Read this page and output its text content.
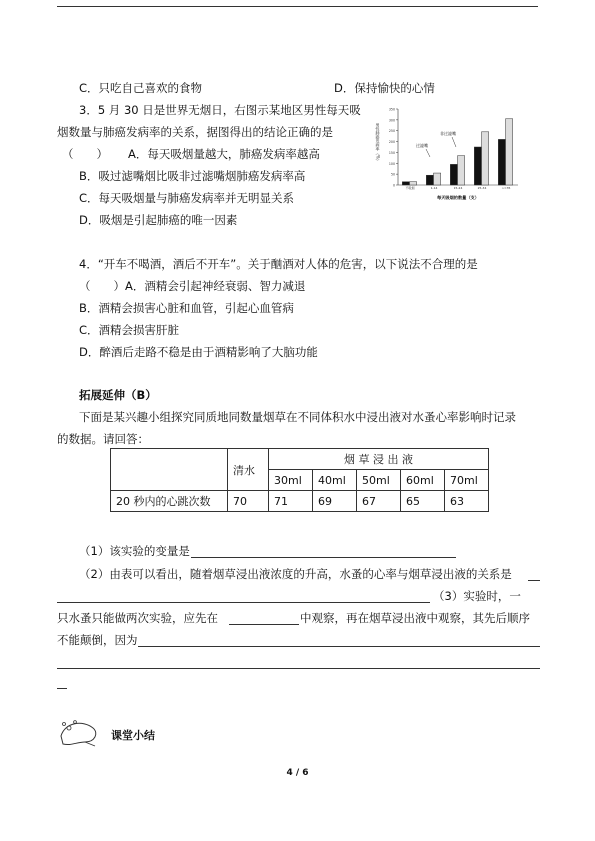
C．只吃自己喜欢的食物	D．保持愉快的心情
3．5 月 30 日是世界无烟日，右图示某地区男性每天吸
烟数量与肺癌发病率的关系，据图得出的结论正确的是
（　　） A．每天吸烟量越大，肺癌发病率越高
B．吸过滤嘴烟比吸非过滤嘴烟肺癌发病率高
C．每天吸烟量与肺癌发病率并无明显关系
D．吸烟是引起肺癌的唯一因素
350
300
250
200
150
100
50
0
男性肺癌发病率（%）
不吸烟	1-14	15-24	25-34	>=35
非过滤嘴
过滤嘴
每天吸烟的数量（支）
4．“开车不喝酒，酒后不开车”。关于酗酒对人体的危害，以下说法不合理的是
（　　）A．酒精会引起神经衰弱、智力减退
B．酒精会损害心脏和血管，引起心血管病
C．酒精会损害肝脏
D．醉酒后走路不稳是由于酒精影响了大脑功能
拓展延伸（B）
下面是某兴趣小组探究同质地同数量烟草在不同体积水中浸出液对水蚤心率影响时记录
的数据。请回答：
	清水	烟 草 浸 出 液				
		30ml	40ml	50ml	60ml	70ml
20 秒内的心跳次数	70	71	69	67	65	63
（1）该实验的变量是
（2）由表可以看出，随着烟草浸出液浓度的升高，水蚤的心率与烟草浸出液的关系是
（3）实验时，一
只水蚤只能做两次实验，应先在	中观察，再在烟草浸出液中观察，其先后顺序
不能颠倒，因为
课堂小结
4 / 6
